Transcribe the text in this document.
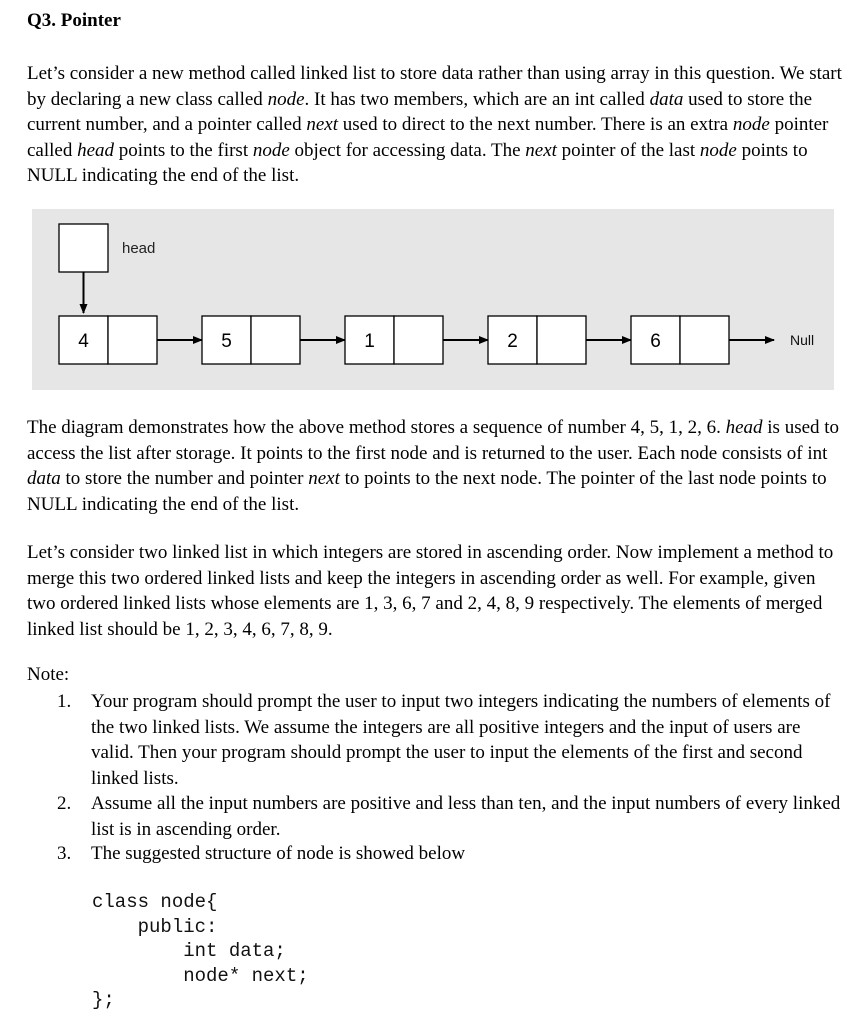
Q3. Pointer
Let’s consider a new method called linked list to store data rather than using array in this question. We start by declaring a new class called node. It has two members, which are an int called data used to store the current number, and a pointer called next used to direct to the next number. There is an extra node pointer called head points to the first node object for accessing data. The next pointer of the last node points to NULL indicating the end of the list.
head
4	5	1	2	6	Null
The diagram demonstrates how the above method stores a sequence of number 4, 5, 1, 2, 6. head is used to access the list after storage. It points to the first node and is returned to the user. Each node consists of int data to store the number and pointer next to points to the next node. The pointer of the last node points to NULL indicating the end of the list.
Let’s consider two linked list in which integers are stored in ascending order. Now implement a method to merge this two ordered linked lists and keep the integers in ascending order as well. For example, given two ordered linked lists whose elements are 1, 3, 6, 7 and 2, 4, 8, 9 respectively. The elements of merged linked list should be 1, 2, 3, 4, 6, 7, 8, 9.
Note:
1.	Your program should prompt the user to input two integers indicating the numbers of elements of the two linked lists. We assume the integers are all positive integers and the input of users are valid. Then your program should prompt the user to input the elements of the first and second linked lists.
2.	Assume all the input numbers are positive and less than ten, and the input numbers of every linked list is in ascending order.
3.	The suggested structure of node is showed below
class node{
public:
int data;
node* next;
};
